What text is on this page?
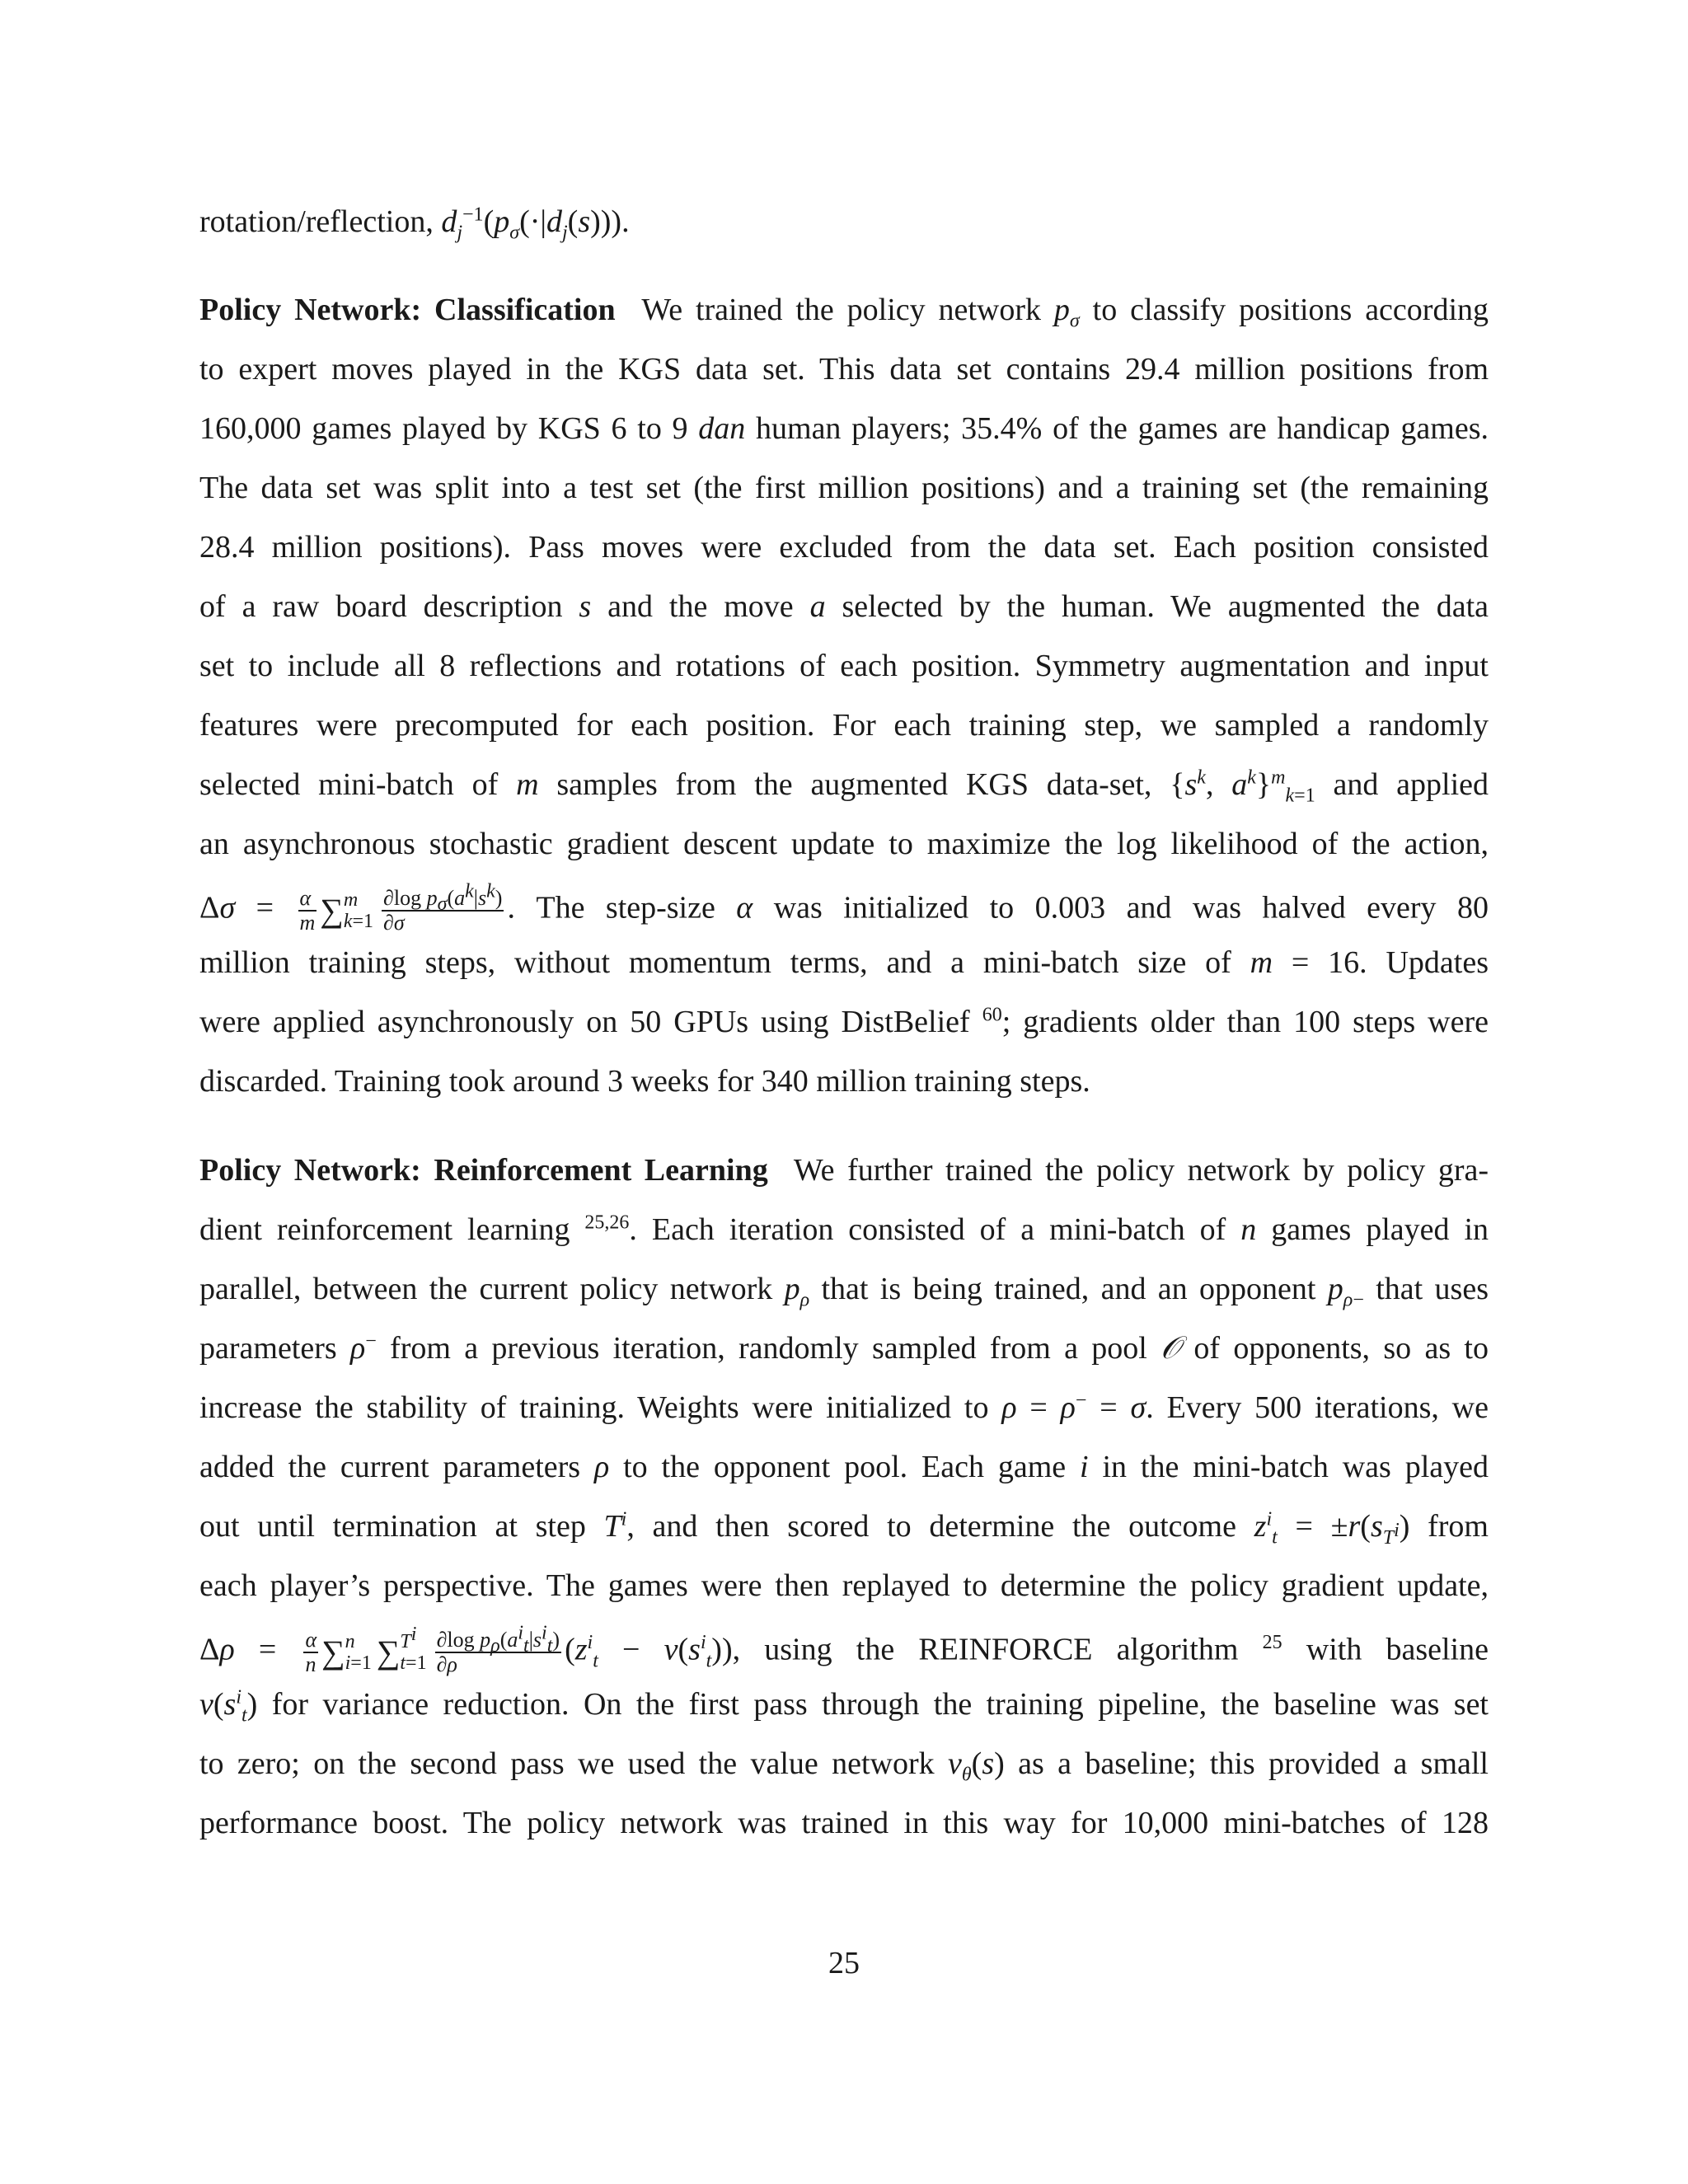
rotation/reflection, $d_j^{-1}(p_\sigma(\cdot|d_j(s)))$.
Policy Network: Classification  We trained the policy network $p_\sigma$ to classify positions according
to expert moves played in the KGS data set. This data set contains 29.4 million positions from
160,000 games played by KGS 6 to 9 dan human players; 35.4% of the games are handicap games.
The data set was split into a test set (the first million positions) and a training set (the remaining
28.4 million positions). Pass moves were excluded from the data set. Each position consisted
of a raw board description s and the move a selected by the human. We augmented the data
set to include all 8 reflections and rotations of each position. Symmetry augmentation and input
features were precomputed for each position. For each training step, we sampled a randomly
selected mini-batch of m samples from the augmented KGS data-set, {$s^k$, $a^k\}^m_{k=1}$ and applied
an asynchronous stochastic gradient descent update to maximize the log likelihood of the action,
$\Delta\sigma = \frac{\alpha}{m}$ ∑ m
$k=1 \frac{\partial\log p_\sigma(a^k|s^k)}{\partial\sigma}$ . The step-size α was initialized to 0.003 and was halved every 80
million training steps, without momentum terms, and a mini-batch size of m = 16. Updates
were applied asynchronously on 50 GPUs using DistBelief $^{60}$; gradients older than 100 steps were
discarded. Training took around 3 weeks for 340 million training steps.
Policy Network: Reinforcement Learning  We further trained the policy network by policy gra-
dient reinforcement learning $^{25,26}$. Each iteration consisted of a mini-batch of n games played in
parallel, between the current policy network $p_\rho$ that is being trained, and an opponent $p_{\rho-}$ that uses
parameters ρ− from a previous iteration, randomly sampled from a pool 𝒪 of opponents, so as to
increase the stability of training. Weights were initialized to ρ = ρ− = σ. Every 500 iterations, we
added the current parameters ρ to the opponent pool. Each game i in the mini-batch was played
out until termination at step $T^i$, and then scored to determine the outcome $z^i_t = \pm r(s_{T^i})$ from
each player’s perspective. The games were then replayed to determine the policy gradient update,
$\Delta\rho = \frac{\alpha}{n}$ ∑ n
i=1 ∑ $T^i$
$t=1 \frac{\partial\log p_\rho(a^i_t|s^i_t)}{\partial\rho} (z^i_t - v(s^i_t))$, using the REINFORCE algorithm $^{25}$ with baseline
$v(s^i_t)$ for variance reduction. On the first pass through the training pipeline, the baseline was set
to zero; on the second pass we used the value network $v_\theta(s)$ as a baseline; this provided a small
performance boost. The policy network was trained in this way for 10,000 mini-batches of 128
25
